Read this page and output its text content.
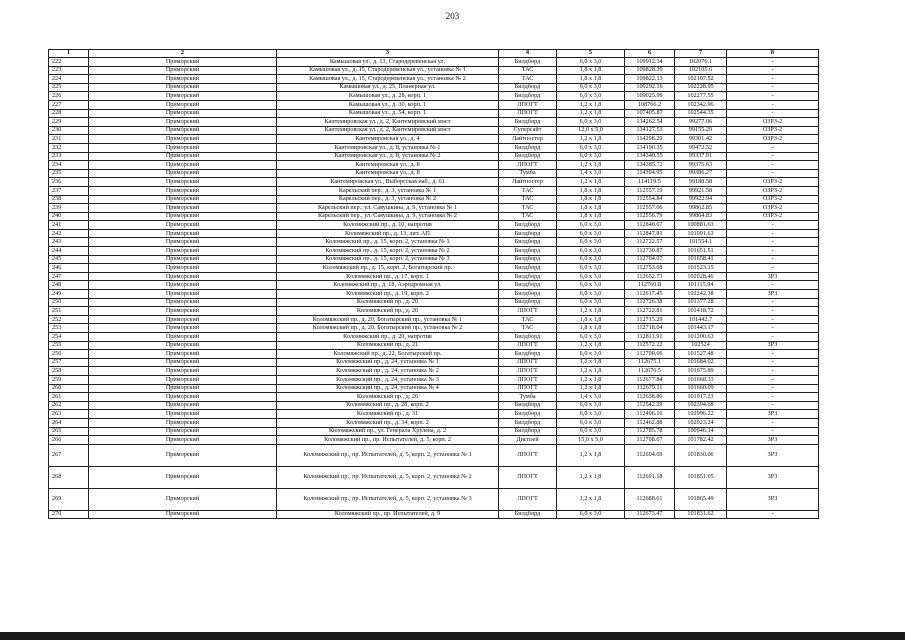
203
1	2	3	4	5	6	7	8
222	Приморский	Камышовая ул., д. 13, Стародеревенская ул.	Билдборд	6,0 х 3,0	109912.34	102076.1	-
223	Приморский	Камышовая ул., д. 15, Стародеревенская ул., установка № 1	ТАС	1,8 х 1,8	109828.39	102105.6	-
224	Приморский	Камышовая ул., д. 15, Стародеревенская ул., установка № 2	ТАС	1,8 х 1,8	109822.13	102107.52	-
225	Приморский	Камышовая ул., д. 25, Планерная ул.	Билдборд	6,0 х 3,0	109292.16	102228.95	-
226	Приморский	Камышовая ул., д. 28, корп. 1	Билдборд	6,0 х 3,0	109025.99	102277.55	-
227	Приморский	Камышовая ул., д. 30, корп. 1	ЛПОГТ	1,2 х 1,8	108766.2	102342.96	-
228	Приморский	Камышовая ул., д. 54, корп. 1	ЛПОГТ	1,2 х 1,8	107405.87	102544.35	-
229	Приморский	Кантемировская ул., д. 2, Кантемировский мост	Билдборд	6,0 х 3,0	134262.54	99277.06	ОЗРЗ-2
230	Приморский	Кантемировская ул., д. 2, Кантемировский мост	Суперсайт	12,0 х 5,0	134127.53	99155.29	ОЗРЗ-2
231	Приморский	Кантемировская ул., д. 4	Лайтпостер	1,2 х 1,8	114298.29	99301.42	ОЗРЗ-2
232	Приморский	Кантемировская ул., д. 8, установка № 1	Билдборд	6,0 х 3,0	134190.35	99472.52	-
233	Приморский	Кантемировская ул., д. 8, установка № 2	Билдборд	6,0 х 3,0	134340.55	99337.91	-
234	Приморский	Кантемировская ул., д. 8	ЛПОГТ	1,2 х 1,8	134385.72	99375.63	-
235	Приморский	Кантемировская ул., д. 8	Тумба	1,4 х 3,0	114394.95	99386.27	-
236	Приморский	Кантемировская ул., Выборгская наб., д. 61	Лайтпостер	1,2 х 1,8	114119.5	99188.58	ОЗРЗ-2
237	Приморский	Карельский пер., д. 3, установка № 1	ТАС	1,8 х 1,8	112557.19	99921.58	ОЗРЗ-2
238	Приморский	Карельский пер., д. 3, установка № 2	ТАС	1,8 х 1,8	112554.84	99922.94	ОЗРЗ-2
239	Приморский	Карельский пер., ул. Савушкина, д. 9, установка № 1	ТАС	1,8 х 1,8	112557.06	99862.85	ОЗРЗ-2
240	Приморский	Карельский пер., ул. Савушкина, д. 9, установка № 2	ТАС	1,8 х 1,8	112556.79	99864.83	ОЗРЗ-2
241	Приморский	Коломяжский пр., д. 10, напротив	Билдборд	6,0 х 3,0	112840.67	100881.63	-
242	Приморский	Коломяжский пр., д. 13, лит. АП	Билдборд	6,0 х 3,0	112847.81	101091.63	-
243	Приморский	Коломяжский пр., д. 15, корп. 2, установка № 1	Билдборд	6,0 х 3,0	112722.57	101554.1	-
244	Приморский	Коломяжский пр., д. 15, корп. 2, установка № 2	Билдборд	6,0 х 3,0	112730.87	101651.51	-
245	Приморский	Коломяжский пр., д. 15, корп. 2, установка № 3	Билдборд	6,0 х 3,0	112704.07	101658.41	-
246	Приморский	Коломяжский пр., д. 15, корп. 2, Богатырский пр.	Билдборд	6,0 х 3,0	112753.68	101523.15	-
247	Приморский	Коломяжский пр., д. 17, корп. 1	Билдборд	6,0 х 3,0	112652.73	102028.46	ЗРЗ
248	Приморский	Коломяжский пр., д. 18, Аэродромная ул.	Билдборд	6,0 х 3,0	112760.8	101115.94	-
249	Приморский	Коломяжский пр., д. 19, корп. 2	Билдборд	6,0 х 3,0	112617.45	102242.38	ЗРЗ
250	Приморский	Коломяжский пр., д. 20	Билдборд	6,0 х 3,0	112726.38	101377.28	-
251	Приморский	Коломяжский пр., д. 20	ЛПОГТ	1,2 х 1,8	112722.81	101418.72	-
252	Приморский	Коломяжский пр., д. 20, Богатырский пр., установка № 1	ТАС	1,8 х 1,8	112715.29	101442.7	-
253	Приморский	Коломяжский пр., д. 20, Богатырский пр., установка № 2	ТАС	1,8 х 1,8	112718.04	101443.17	-
254	Приморский	Коломяжский пр., д. 20, напротив	Билдборд	6,0 х 3,0	112811.91	101200.63	-
255	Приморский	Коломяжский пр., д. 21	ЛПОГТ	1,2 х 1,8	112572.22	102524	ЗРЗ
256	Приморский	Коломяжский пр., д. 22, Богатырский пр.	Билдборд	6,0 х 3,0	112700.66	101527.48	-
257	Приморский	Коломяжский пр., д. 24, установка № 1	ЛПОГТ	1,2 х 1,8	112675.1	101684.02	-
258	Приморский	Коломяжский пр., д. 24, установка № 2	ЛПОГТ	1,2 х 1,8	112676.5	101675.89	-
259	Приморский	Коломяжский пр., д. 24, установка № 3	ЛПОГТ	1,2 х 1,8	112677.84	101668.33	-
260	Приморский	Коломяжский пр., д. 24, установка № 4	ЛПОГТ	1,2 х 1,8	112679.11	101660.09	-
261	Приморский	Коломяжский пр., д. 26	Тумба	1,4 х 3,0	112638.86	101917.23	-
262	Приморский	Коломяжский пр., д. 28, корп. 2	Билдборд	6,0 х 3,0	112542.29	102394.68	-
263	Приморский	Коломяжский пр., д. 31	Билдборд	6,0 х 3,0	112496.16	102996.22	ЗРЗ
264	Приморский	Коломяжский пр., д. 34, корп. 2	Билдборд	6,0 х 3,0	112462.88	102923.24	-
265	Приморский	Коломяжский пр., ул. Генерала Хрулева, д. 2	Билдборд	6,0 х 3,0	112785.78	100946.14	-
266	Приморский	Коломяжский пр., пр. Испытателей, д. 5, корп. 2	Диспэей	15,0 х 5,0	112708.67	101782.42	ЗРЗ
267	Приморский	Коломяжский пр., пр. Испытателей, д. 5, корп. 2, установка № 1	ЛПОГТ	1,2 х 1,8	112694.69	101830.06	ЗРЗ
268	Приморский	Коломяжский пр., пр. Испытателей, д. 5, корп. 2, установка № 2	ЛПОГТ	1,2 х 1,8	112691.18	101851.05	ЗРЗ
269	Приморский	Коломяжский пр., пр. Испытателей, д. 5, корп. 2, установка № 3	ЛПОГТ	1,2 х 1,8	112688.61	101865.49	ЗРЗ
270	Приморский	Коломяжский пр., пр. Испытателей, д. 9	Билдборд	6,0 х 3,0	112673.47	101831.62	-
